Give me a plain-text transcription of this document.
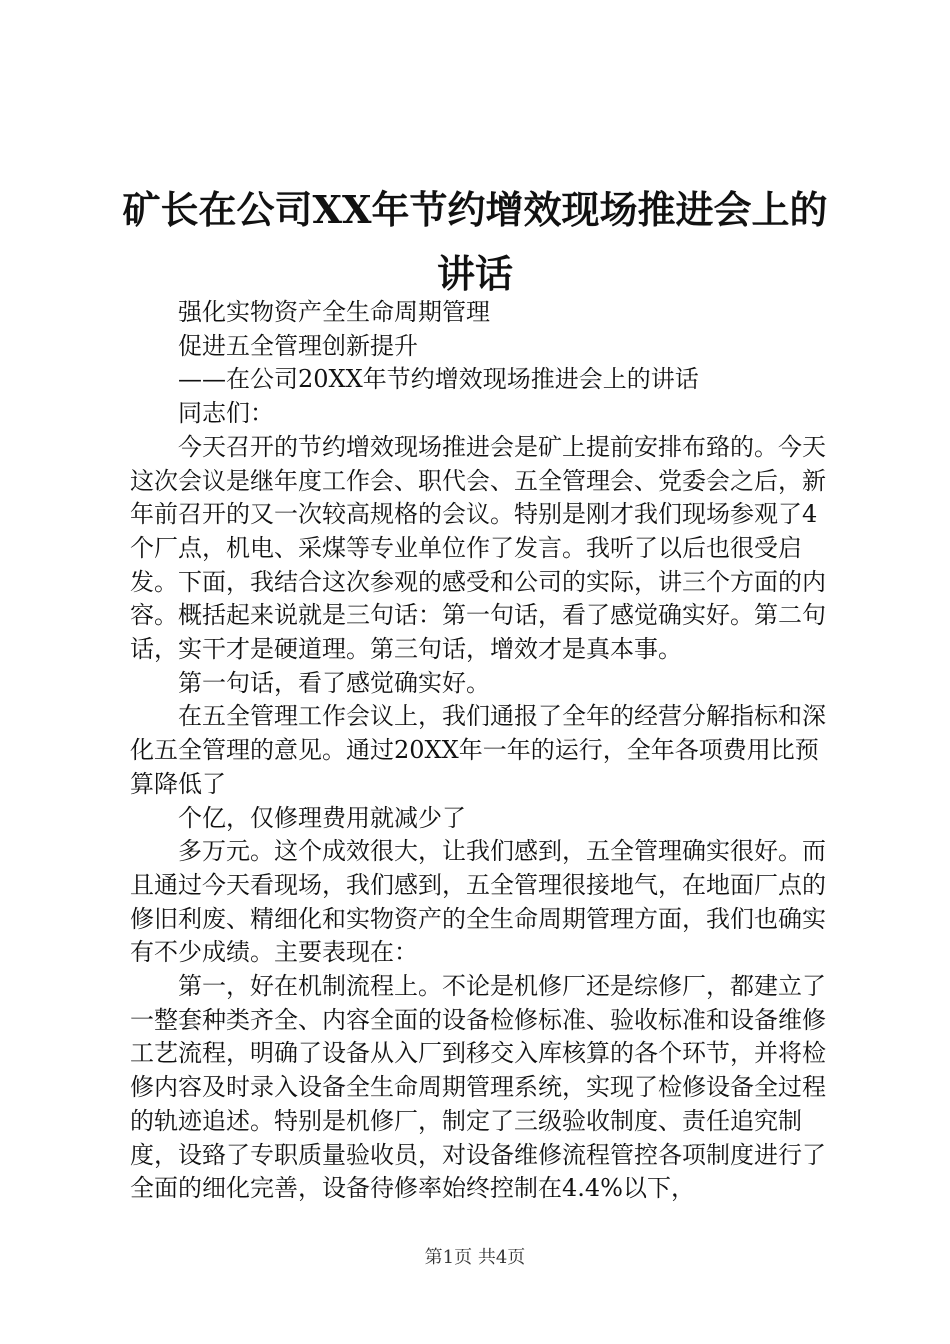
矿长在公司XX年节约增效现场推进会上的讲话

强化实物资产全生命周期管理

促进五全管理创新提升

——在公司20XX年节约增效现场推进会上的讲话

同志们：

今天召开的节约增效现场推进会是矿上提前安排布臵的。今天这次会议是继年度工作会、职代会、五全管理会、党委会之后，新年前召开的又一次较高规格的会议。特别是刚才我们现场参观了4个厂点，机电、采煤等专业单位作了发言。我听了以后也很受启发。下面，我结合这次参观的感受和公司的实际，讲三个方面的内容。概括起来说就是三句话：第一句话，看了感觉确实好。第二句话，实干才是硬道理。第三句话，增效才是真本事。

第一句话，看了感觉确实好。

在五全管理工作会议上，我们通报了全年的经营分解指标和深化五全管理的意见。通过20XX年一年的运行，全年各项费用比预算降低了

个亿，仅修理费用就减少了

多万元。这个成效很大，让我们感到，五全管理确实很好。而且通过今天看现场，我们感到，五全管理很接地气，在地面厂点的修旧利废、精细化和实物资产的全生命周期管理方面，我们也确实有不少成绩。主要表现在：

第一，好在机制流程上。不论是机修厂还是综修厂，都建立了一整套种类齐全、内容全面的设备检修标准、验收标准和设备维修工艺流程，明确了设备从入厂到移交入库核算的各个环节，并将检修内容及时录入设备全生命周期管理系统，实现了检修设备全过程的轨迹追述。特别是机修厂，制定了三级验收制度、责任追究制度，设臵了专职质量验收员，对设备维修流程管控各项制度进行了全面的细化完善，设备待修率始终控制在4.4%以下，

第1页 共4页
